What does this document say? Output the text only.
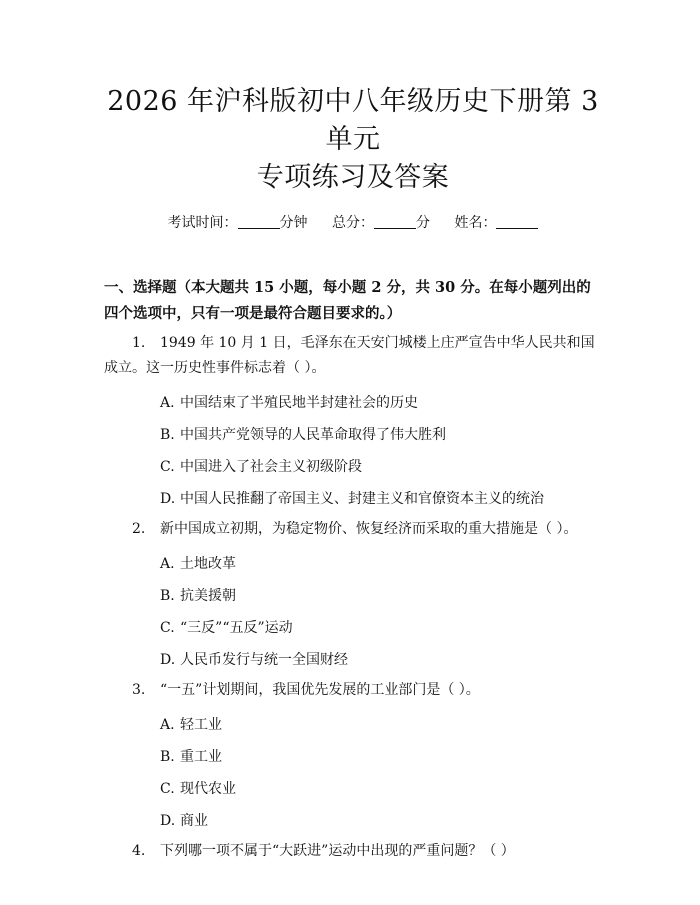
2026 年沪科版初中八年级历史下册第 3 单元
专项练习及答案
考试时间：	分钟 总分：	分 姓名：
一、选择题（本大题共 15 小题，每小题 2 分，共 30 分。在每小题列出的四个选项中，只有一项是最符合题目要求的。）
1. 1949 年 10 月 1 日，毛泽东在天安门城楼上庄严宣告中华人民共和国成立。这一历史性事件标志着（ ）。
A. 中国结束了半殖民地半封建社会的历史
B. 中国共产党领导的人民革命取得了伟大胜利
C. 中国进入了社会主义初级阶段
D. 中国人民推翻了帝国主义、封建主义和官僚资本主义的统治
2. 新中国成立初期，为稳定物价、恢复经济而采取的重大措施是（ ）。
A. 土地改革
B. 抗美援朝
C. “三反”“五反”运动
D. 人民币发行与统一全国财经
3. “一五”计划期间，我国优先发展的工业部门是（ ）。
A. 轻工业
B. 重工业
C. 现代农业
D. 商业
4. 下列哪一项不属于“大跃进”运动中出现的严重问题？（ ）
